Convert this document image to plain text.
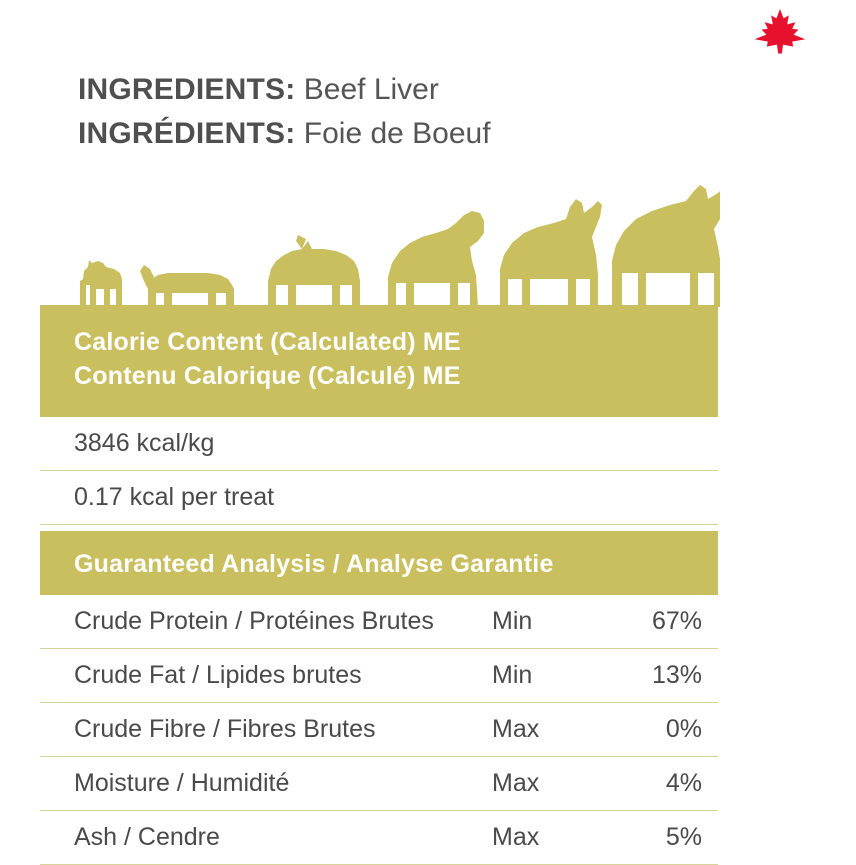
INGREDIENTS: Beef Liver
INGRÉDIENTS: Foie de Boeuf
Calorie Content (Calculated) ME
Contenu Calorique (Calculé) ME
3846 kcal/kg
0.17 kcal per treat
Guaranteed Analysis / Analyse Garantie
Crude Protein / Protéines Brutes	Min	67%
Crude Fat / Lipides brutes	Min	13%
Crude Fibre / Fibres Brutes	Max	0%
Moisture / Humidité	Max	4%
Ash / Cendre	Max	5%
